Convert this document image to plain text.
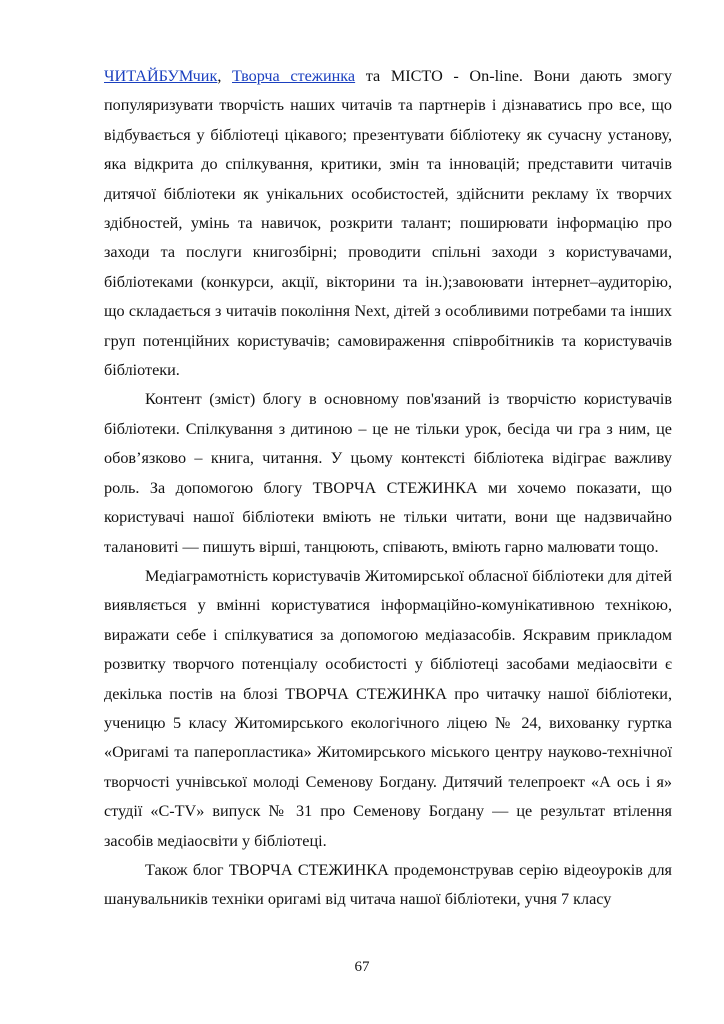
ЧИТАЙБУМчик, Творча стежинка та МІСТО - On-line. Вони дають змогу популяризувати творчість наших читачів та партнерів і дізнаватись про все, що відбувається у бібліотеці цікавого; презентувати бібліотеку як сучасну установу, яка відкрита до спілкування, критики, змін та інновацій; представити читачів дитячої бібліотеки як унікальних особистостей, здійснити рекламу їх творчих здібностей, умінь та навичок, розкрити талант; поширювати інформацію про заходи та послуги книгозбірні; проводити спільні заходи з користувачами, бібліотеками (конкурси, акції, вікторини та ін.);завоювати інтернет–аудиторію, що складається з читачів покоління Next, дітей з особливими потребами та інших груп потенційних користувачів; самовираження співробітників та користувачів бібліотеки.

Контент (зміст) блогу в основному пов'язаний із творчістю користувачів бібліотеки. Спілкування з дитиною – це не тільки урок, бесіда чи гра з ним, це обов’язково – книга, читання. У цьому контексті бібліотека відіграє важливу роль. За допомогою блогу ТВОРЧА СТЕЖИНКА ми хочемо показати, що користувачі нашої бібліотеки вміють не тільки читати, вони ще надзвичайно талановиті — пишуть вірші, танцюють, співають, вміють гарно малювати тощо.

Медіаграмотність користувачів Житомирської обласної бібліотеки для дітей виявляється у вмінні користуватися інформаційно-комунікативною технікою, виражати себе і спілкуватися за допомогою медіазасобів. Яскравим прикладом розвитку творчого потенціалу особистості у бібліотеці засобами медіаосвіти є декілька постів на блозі ТВОРЧА СТЕЖИНКА про читачку нашої бібліотеки, ученицю 5 класу Житомирського екологічного ліцею № 24, вихованку гуртка «Оригамі та паперопластика» Житомирського міського центру науково-технічної творчості учнівської молоді Семенову Богдану. Дитячий телепроект «А ось і я» студії «С-TV» випуск № 31 про Семенову Богдану — це результат втілення засобів медіаосвіти у бібліотеці.

Також блог ТВОРЧА СТЕЖИНКА продемонстрував серію відеоуроків для шанувальників техніки оригамі від читача нашої бібліотеки, учня 7 класу

67
